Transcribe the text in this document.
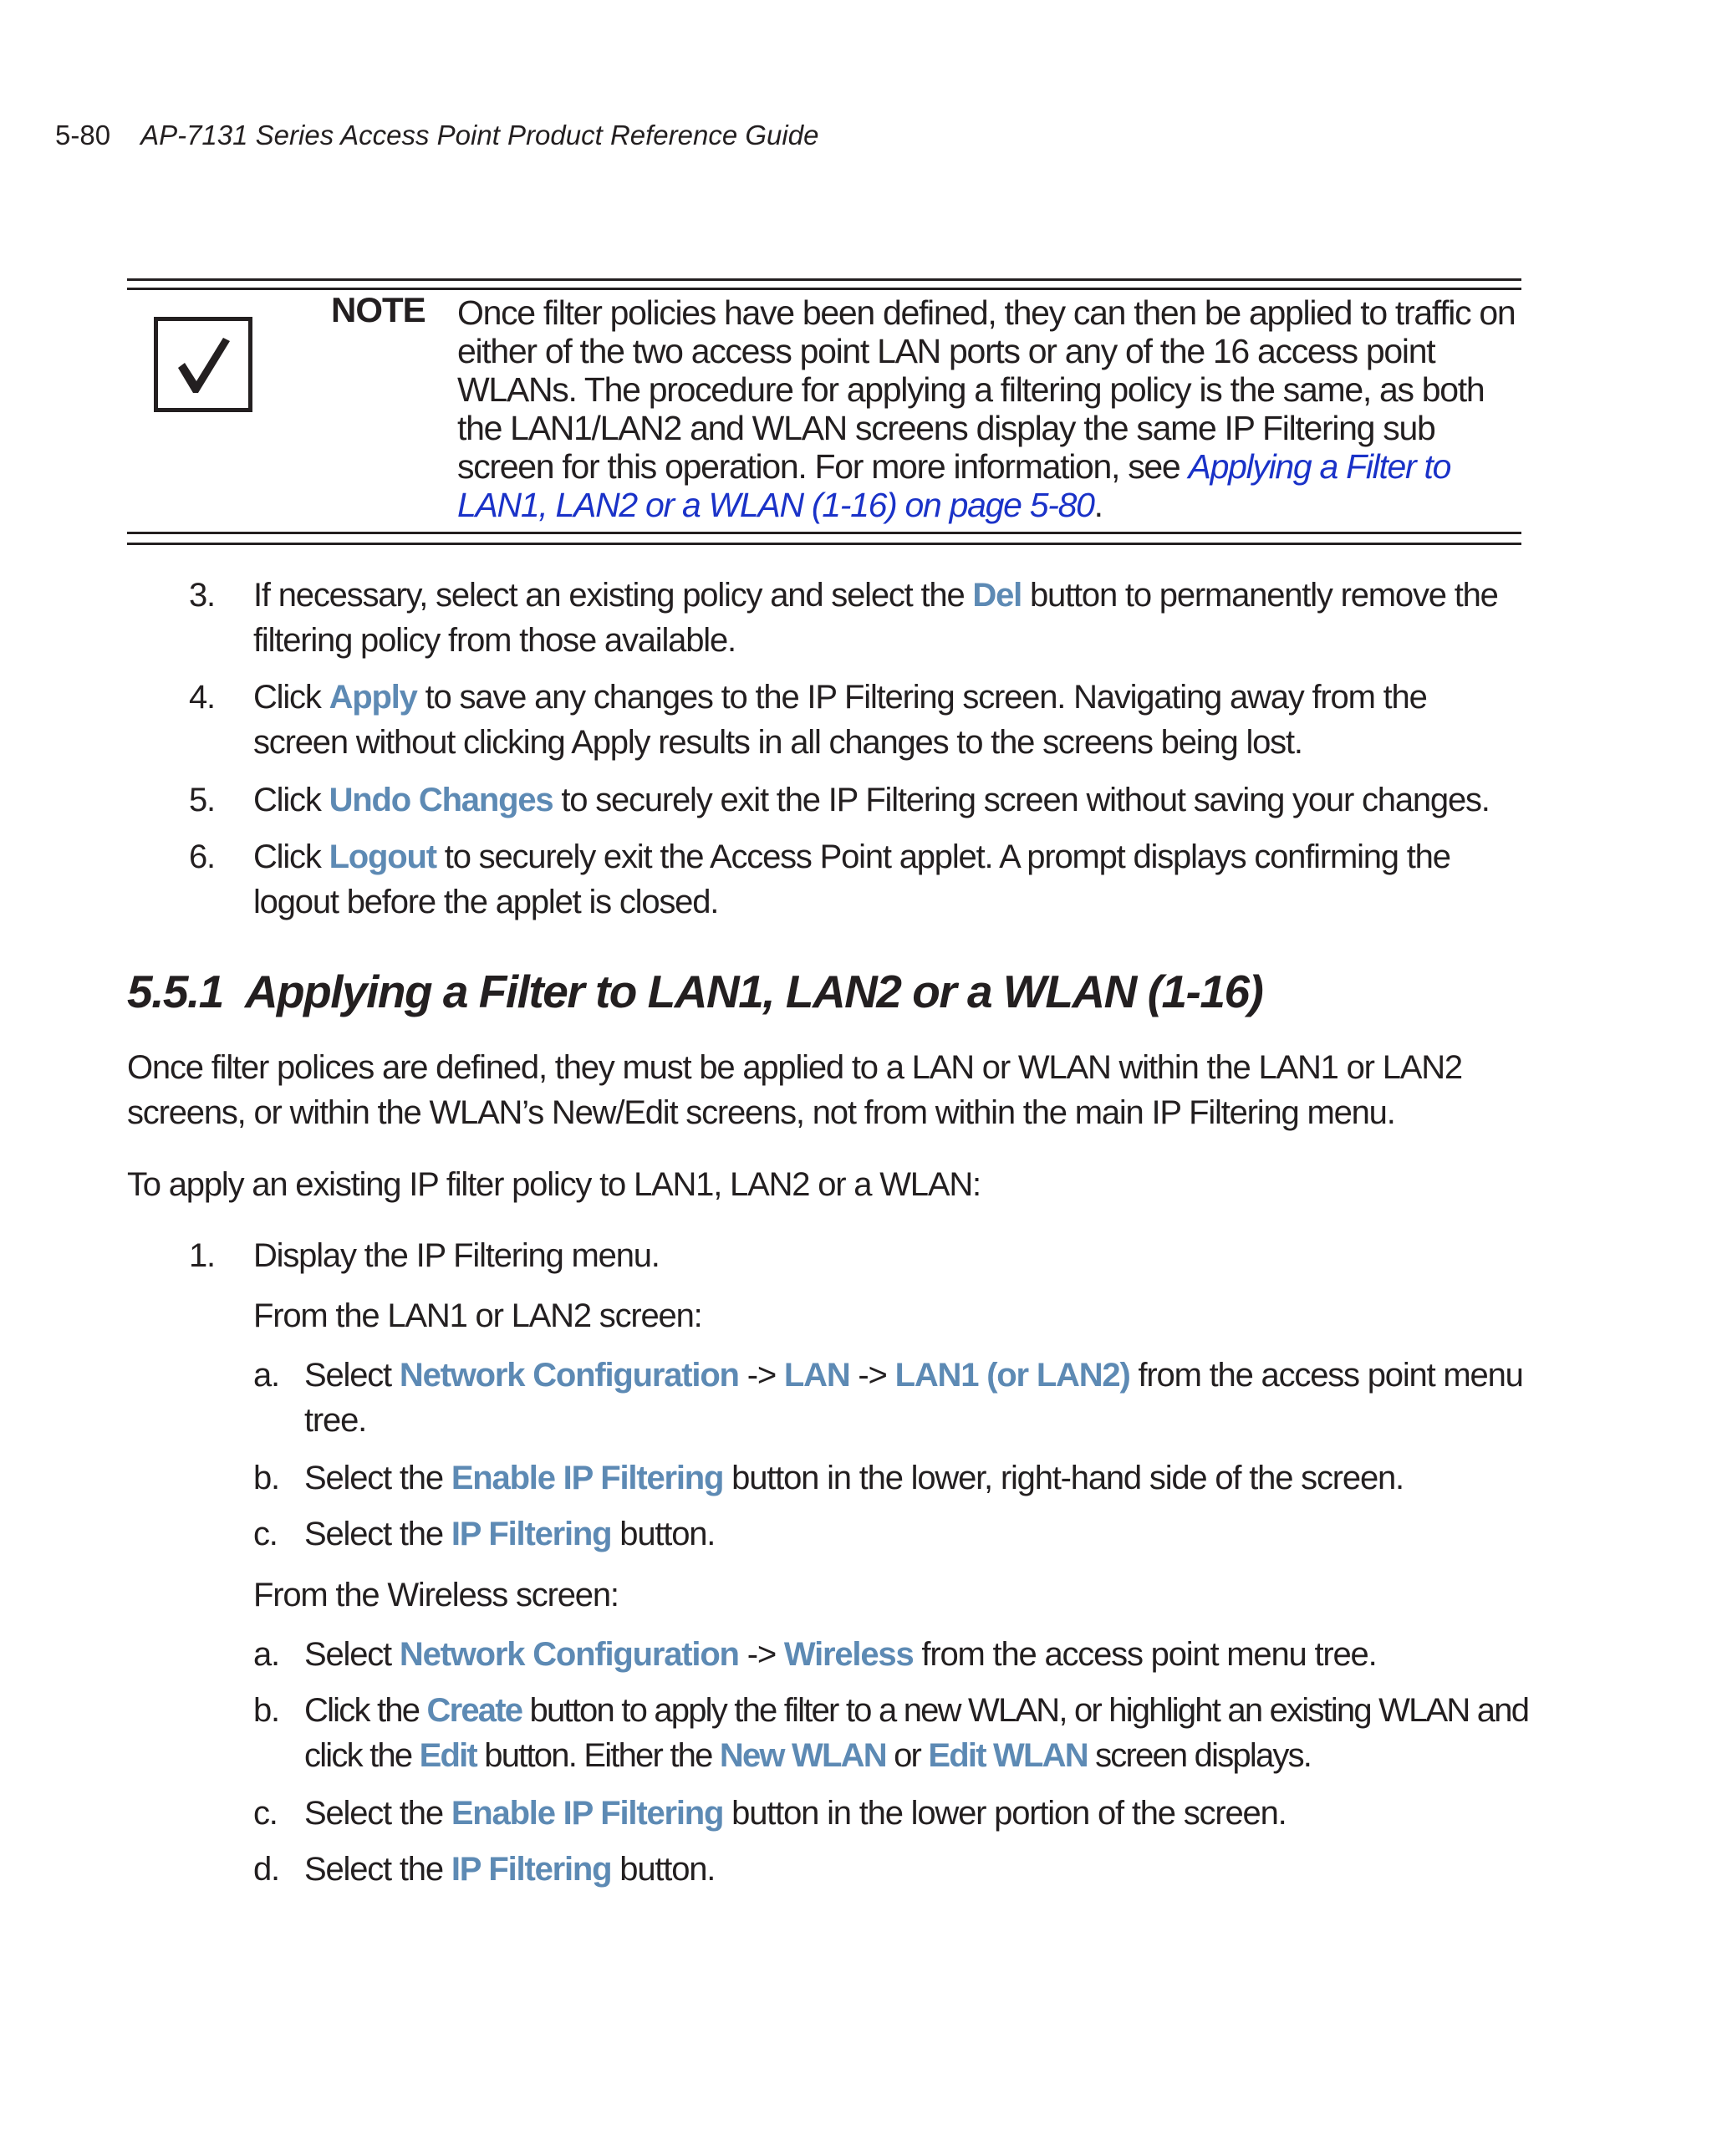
5-80 AP-7131 Series Access Point Product Reference Guide
NOTE Once filter policies have been defined, they can then be applied to traffic on either of the two access point LAN ports or any of the 16 access point WLANs. The procedure for applying a filtering policy is the same, as both the LAN1/LAN2 and WLAN screens display the same IP Filtering sub screen for this operation. For more information, see Applying a Filter to LAN1, LAN2 or a WLAN (1-16) on page 5-80.
3. If necessary, select an existing policy and select the Del button to permanently remove the filtering policy from those available.
4. Click Apply to save any changes to the IP Filtering screen. Navigating away from the screen without clicking Apply results in all changes to the screens being lost.
5. Click Undo Changes to securely exit the IP Filtering screen without saving your changes.
6. Click Logout to securely exit the Access Point applet. A prompt displays confirming the logout before the applet is closed.
5.5.1 Applying a Filter to LAN1, LAN2 or a WLAN (1-16)
Once filter polices are defined, they must be applied to a LAN or WLAN within the LAN1 or LAN2 screens, or within the WLAN’s New/Edit screens, not from within the main IP Filtering menu.
To apply an existing IP filter policy to LAN1, LAN2 or a WLAN:
1. Display the IP Filtering menu.
From the LAN1 or LAN2 screen:
a. Select Network Configuration -> LAN -> LAN1 (or LAN2) from the access point menu tree.
b. Select the Enable IP Filtering button in the lower, right-hand side of the screen.
c. Select the IP Filtering button.
From the Wireless screen:
a. Select Network Configuration -> Wireless from the access point menu tree.
b. Click the Create button to apply the filter to a new WLAN, or highlight an existing WLAN and click the Edit button. Either the New WLAN or Edit WLAN screen displays.
c. Select the Enable IP Filtering button in the lower portion of the screen.
d. Select the IP Filtering button.
